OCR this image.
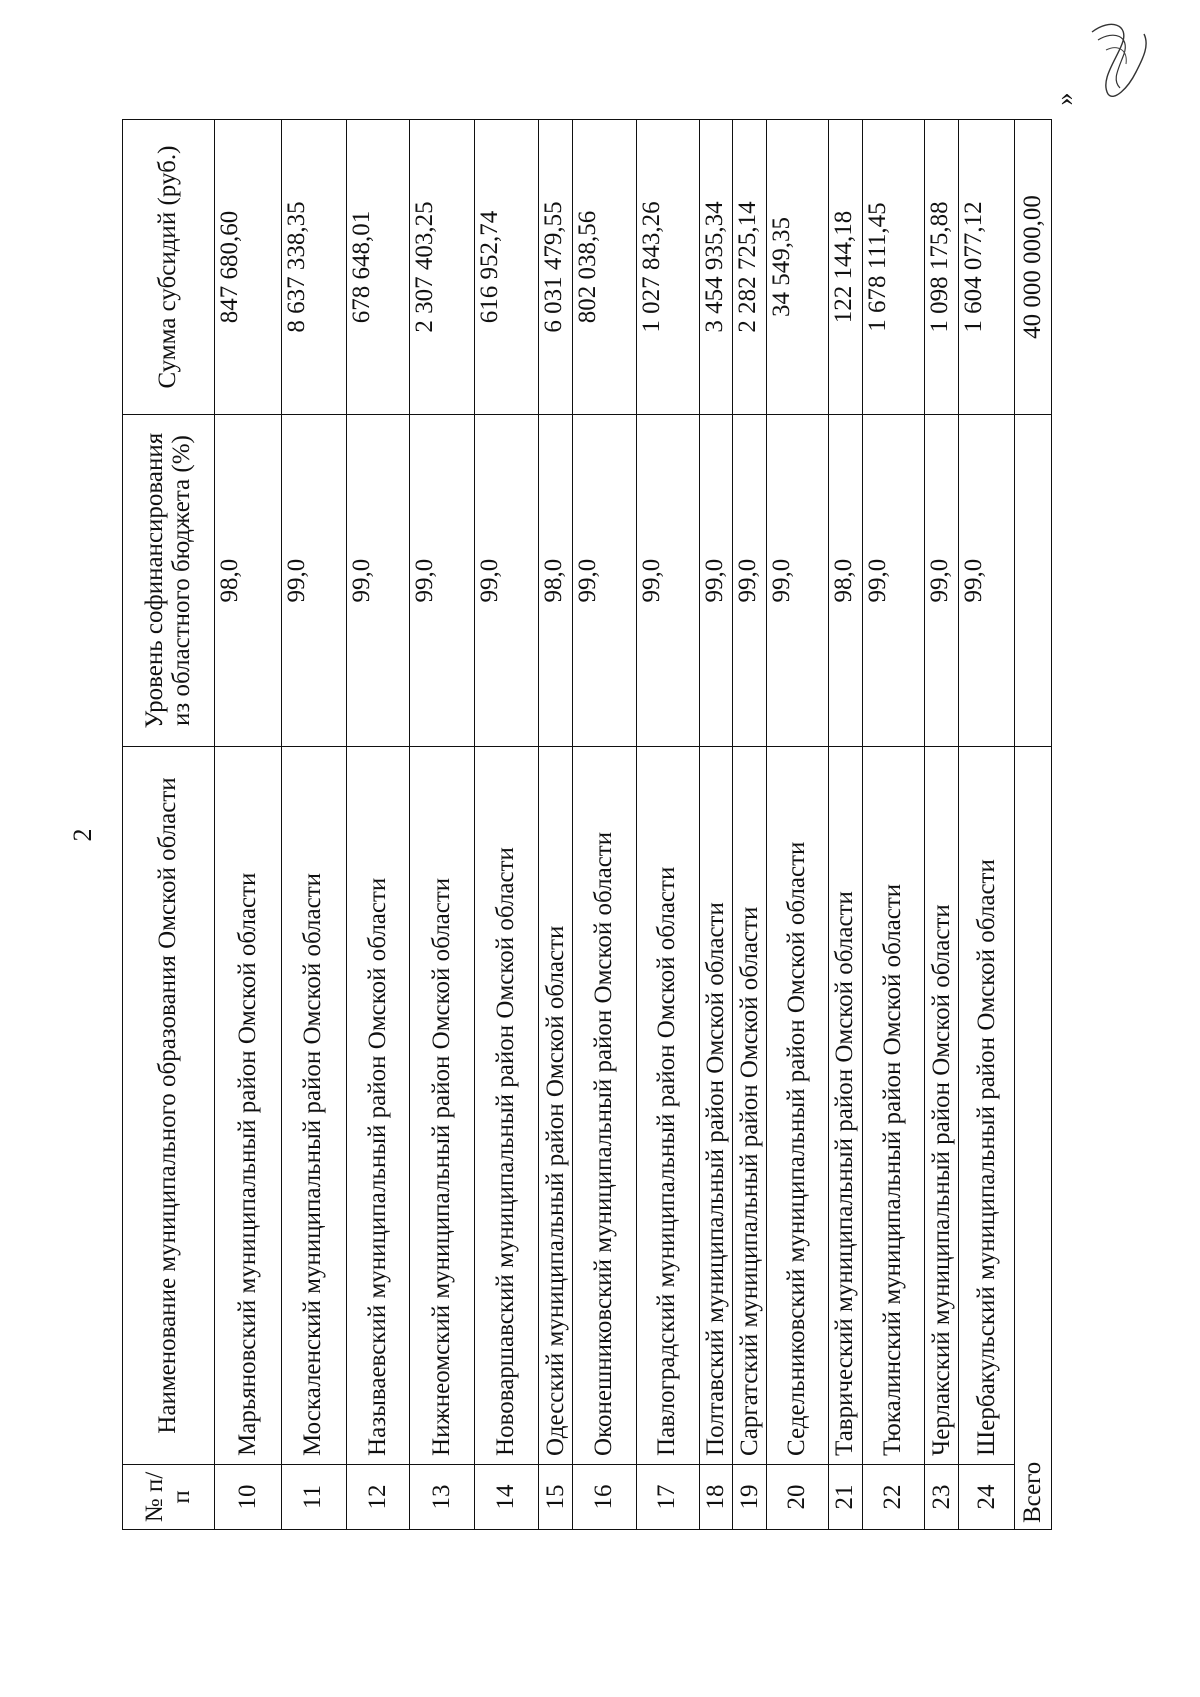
2
»
№ п/п	Наименование муниципального образования Омской области	Уровень софинансирования из областного бюджета (%)	Сумма субсидий (руб.)
10	Марьяновский муниципальный район Омской области	98,0	847 680,60
11	Москаленский муниципальный район Омской области	99,0	8 637 338,35
12	Называевский муниципальный район Омской области	99,0	678 648,01
13	Нижнеомский муниципальный район Омской области	99,0	2 307 403,25
14	Нововаршавский муниципальный район Омской области	99,0	616 952,74
15	Одесский муниципальный район Омской области	98,0	6 031 479,55
16	Оконешниковский муниципальный район Омской области	99,0	802 038,56
17	Павлоградский муниципальный район Омской области	99,0	1 027 843,26
18	Полтавский муниципальный район Омской области	99,0	3 454 935,34
19	Саргатский муниципальный район Омской области	99,0	2 282 725,14
20	Седельниковский муниципальный район Омской области	99,0	34 549,35
21	Таврический муниципальный район Омской области	98,0	122 144,18
22	Тюкалинский муниципальный район Омской области	99,0	1 678 111,45
23	Черлакский муниципальный район Омской области	99,0	1 098 175,88
24	Шербакульский муниципальный район Омской области	99,0	1 604 077,12
Всего			40 000 000,00
